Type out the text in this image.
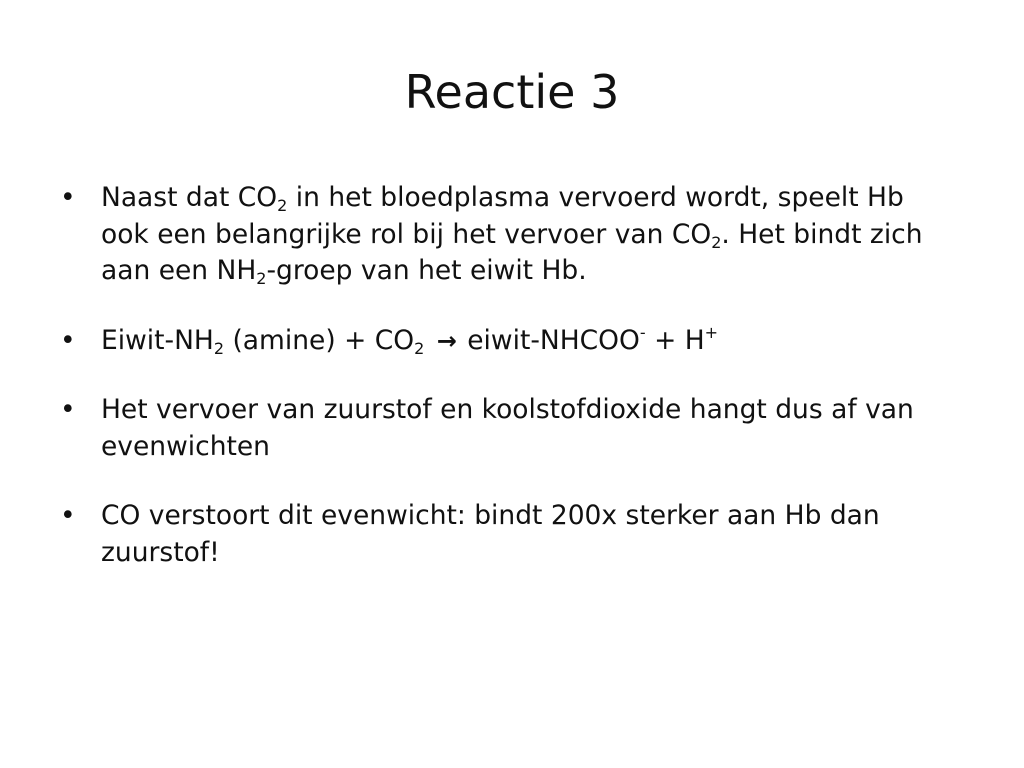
Reactie 3
• Naast dat $CO_2$ in het bloedplasma vervoerd wordt, speelt Hb ook een belangrijke rol bij het vervoer van $CO_2$. Het bindt zich aan een $NH_2$-groep van het eiwit Hb.
• Eiwit-$NH_2$ $(amine) + CO_2$ → eiwit-NHCOO- + H+
• Het vervoer van zuurstof en koolstofdioxide hangt dus af van evenwichten
• CO verstoort dit evenwicht: bindt 200x sterker aan Hb dan zuurstof!
